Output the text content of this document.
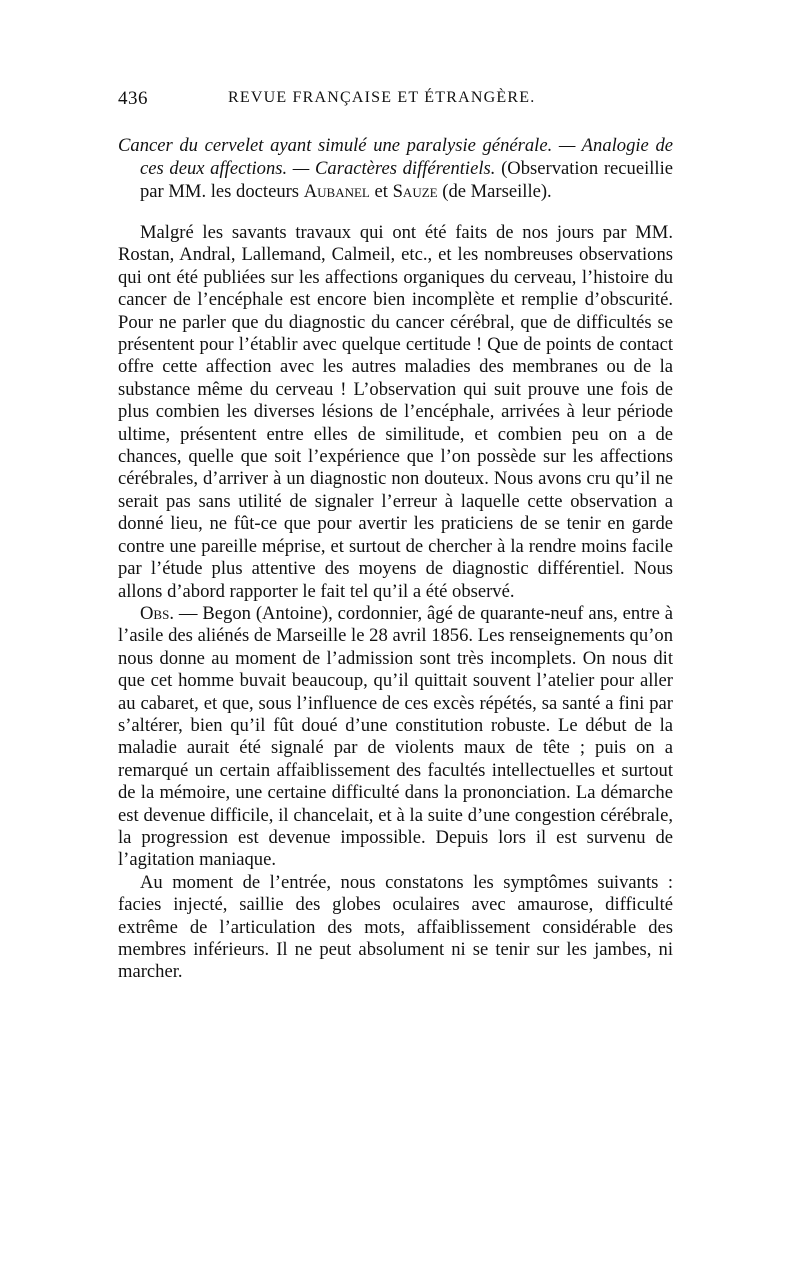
436	REVUE FRANÇAISE ET ÉTRANGÈRE.

Cancer du cervelet ayant simulé une paralysie générale. — Analogie de ces deux affections. — Caractères différentiels. (Observation recueillie par MM. les docteurs Aubanel et Sauze (de Marseille).

Malgré les savants travaux qui ont été faits de nos jours par MM. Rostan, Andral, Lallemand, Calmeil, etc., et les nombreuses observations qui ont été publiées sur les affections organiques du cerveau, l’histoire du cancer de l’encéphale est encore bien incomplète et remplie d’obscurité. Pour ne parler que du diagnostic du cancer cérébral, que de difficultés se présentent pour l’établir avec quelque certitude ! Que de points de contact offre cette affection avec les autres maladies des membranes ou de la substance même du cerveau ! L’observation qui suit prouve une fois de plus combien les diverses lésions de l’encéphale, arrivées à leur période ultime, présentent entre elles de similitude, et combien peu on a de chances, quelle que soit l’expérience que l’on possède sur les affections cérébrales, d’arriver à un diagnostic non douteux. Nous avons cru qu’il ne serait pas sans utilité de signaler l’erreur à laquelle cette observation a donné lieu, ne fût-ce que pour avertir les praticiens de se tenir en garde contre une pareille méprise, et surtout de chercher à la rendre moins facile par l’étude plus attentive des moyens de diagnostic différentiel. Nous allons d’abord rapporter le fait tel qu’il a été observé.

Obs. — Begon (Antoine), cordonnier, âgé de quarante-neuf ans, entre à l’asile des aliénés de Marseille le 28 avril 1856. Les renseignements qu’on nous donne au moment de l’admission sont très incomplets. On nous dit que cet homme buvait beaucoup, qu’il quittait souvent l’atelier pour aller au cabaret, et que, sous l’influence de ces excès répétés, sa santé a fini par s’altérer, bien qu’il fût doué d’une constitution robuste. Le début de la maladie aurait été signalé par de violents maux de tête ; puis on a remarqué un certain affaiblissement des facultés intellectuelles et surtout de la mémoire, une certaine difficulté dans la prononciation. La démarche est devenue difficile, il chancelait, et à la suite d’une congestion cérébrale, la progression est devenue impossible. Depuis lors il est survenu de l’agitation maniaque.

Au moment de l’entrée, nous constatons les symptômes suivants : facies injecté, saillie des globes oculaires avec amaurose, difficulté extrême de l’articulation des mots, affaiblissement considérable des membres inférieurs. Il ne peut absolument ni se tenir sur les jambes, ni marcher.
